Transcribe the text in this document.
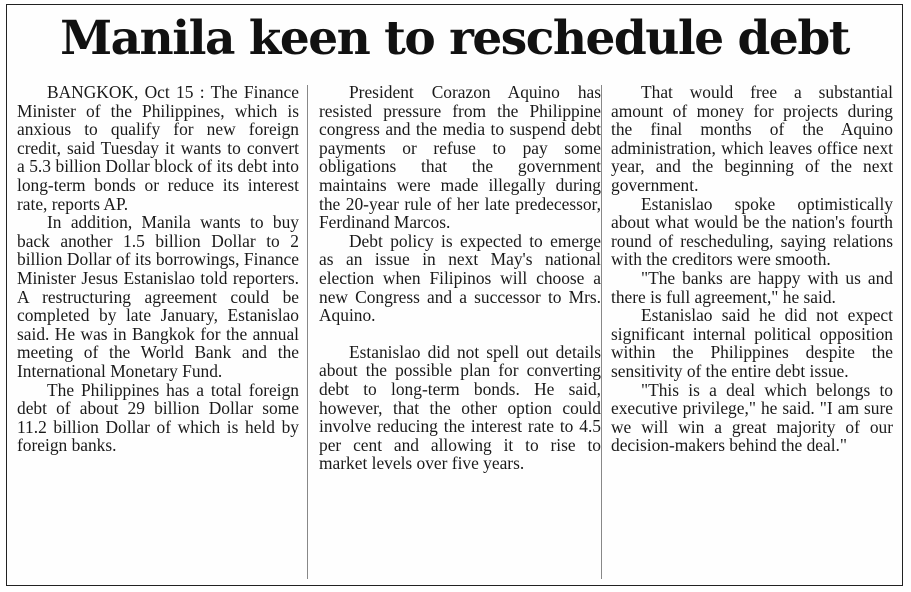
Manila keen to reschedule debt

BANGKOK, Oct 15 : The Finance Minister of the Philippines, which is anxious to qualify for new foreign credit, said Tuesday it wants to convert a 5.3 billion Dollar block of its debt into long-term bonds or reduce its interest rate, reports AP.

In addition, Manila wants to buy back another 1.5 billion Dollar to 2 billion Dollar of its borrowings, Finance Minister Jesus Estanislao told reporters. A restructuring agreement could be completed by late January, Estanislao said. He was in Bangkok for the annual meeting of the World Bank and the International Monetary Fund.

The Philippines has a total foreign debt of about 29 billion Dollar some 11.2 billion Dollar of which is held by foreign banks.

President Corazon Aquino has resisted pressure from the Philippine congress and the media to suspend debt payments or refuse to pay some obligations that the government maintains were made illegally during the 20-year rule of her late predecessor, Ferdinand Marcos.

Debt policy is expected to emerge as an issue in next May's national election when Filipinos will choose a new Congress and a successor to Mrs. Aquino.

Estanislao did not spell out details about the possible plan for converting debt to long-term bonds. He said, however, that the other option could involve reducing the interest rate to 4.5 per cent and allowing it to rise to market levels over five years.

That would free a substantial amount of money for projects during the final months of the Aquino administration, which leaves office next year, and the beginning of the next government.

Estanislao spoke optimistically about what would be the nation's fourth round of rescheduling, saying relations with the creditors were smooth.

"The banks are happy with us and there is full agreement," he said.

Estanislao said he did not expect significant internal political opposition within the Philippines despite the sensitivity of the entire debt issue.

"This is a deal which belongs to executive privilege," he said. "I am sure we will win a great majority of our decision-makers behind the deal."
